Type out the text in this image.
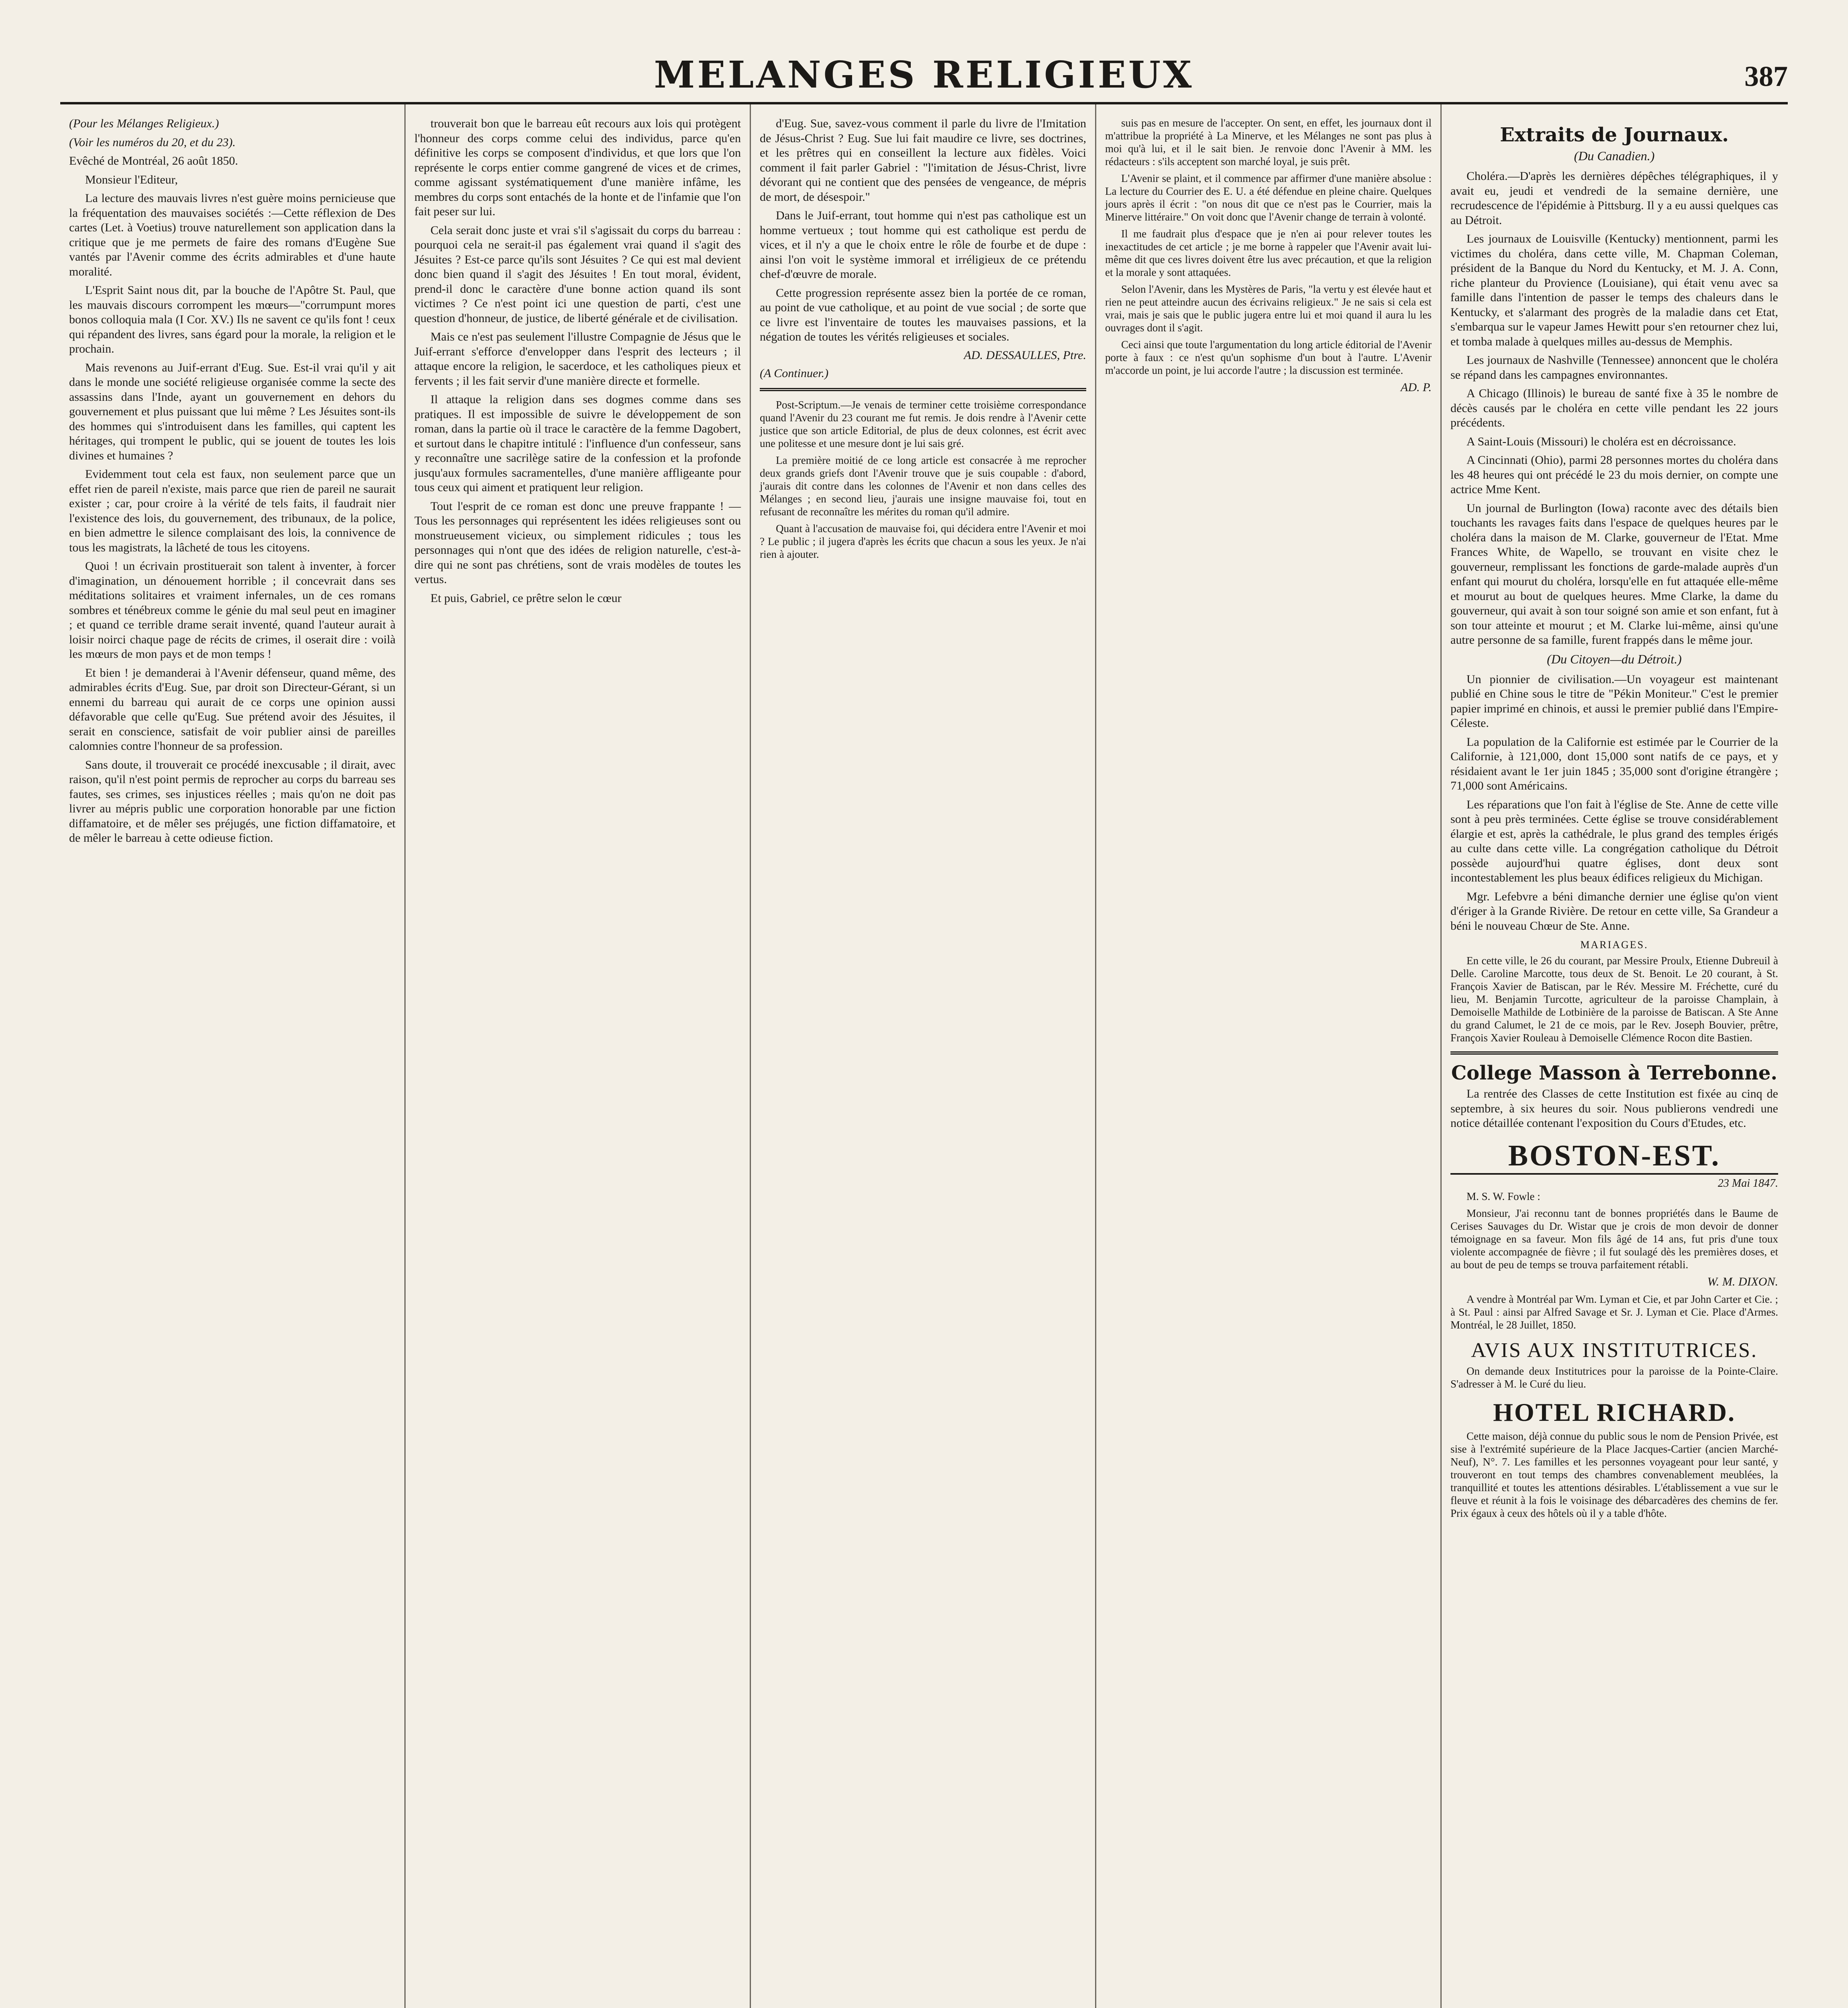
MELANGES RELIGIEUX	387

(Pour les Mélanges Religieux.)

(Voir les numéros du 20, et du 23).

Evêché de Montréal, 26 août 1850.

Monsieur l'Editeur,

La lecture des mauvais livres n'est guère moins pernicieuse que la fréquentation des mauvaises sociétés :—Cette réflexion de Des cartes (Let. à Voetius) trouve naturellement son application dans la critique que je me permets de faire des romans d'Eugène Sue vantés par l'Avenir comme des écrits admirables et d'une haute moralité.

L'Esprit Saint nous dit, par la bouche de l'Apôtre St. Paul, que les mauvais discours corrompent les mœurs—"corrumpunt mores bonos colloquia mala (I Cor. XV.) Ils ne savent ce qu'ils font ! ceux qui répandent des livres, sans égard pour la morale, la religion et le prochain.

Mais revenons au Juif-errant d'Eug. Sue. Est-il vrai qu'il y ait dans le monde une société religieuse organisée comme la secte des assassins dans l'Inde, ayant un gouvernement en dehors du gouvernement et plus puissant que lui même ? Les Jésuites sont-ils des hommes qui s'introduisent dans les familles, qui captent les héritages, qui trompent le public, qui se jouent de toutes les lois divines et humaines ?

Evidemment tout cela est faux, non seulement parce que un effet rien de pareil n'existe, mais parce que rien de pareil ne saurait exister ; car, pour croire à la vérité de tels faits, il faudrait nier l'existence des lois, du gouvernement, des tribunaux, de la police, en bien admettre le silence complaisant des lois, la connivence de tous les magistrats, la lâcheté de tous les citoyens.

Quoi ! un écrivain prostituerait son talent à inventer, à forcer d'imagination, un dénouement horrible ; il concevrait dans ses méditations solitaires et vraiment infernales, un de ces romans sombres et ténébreux comme le génie du mal seul peut en imaginer ; et quand ce terrible drame serait inventé, quand l'auteur aurait à loisir noirci chaque page de récits de crimes, il oserait dire : voilà les mœurs de mon pays et de mon temps !

Et bien ! je demanderai à l'Avenir défenseur, quand même, des admirables écrits d'Eug. Sue, par droit son Directeur-Gérant, si un ennemi du barreau qui aurait de ce corps une opinion aussi défavorable que celle qu'Eug. Sue prétend avoir des Jésuites, il serait en conscience, satisfait de voir publier ainsi de pareilles calomnies contre l'honneur de sa profession.

Sans doute, il trouverait ce procédé inexcusable ; il dirait, avec raison, qu'il n'est point permis de reprocher au corps du barreau ses fautes, ses crimes, ses injustices réelles ; mais qu'on ne doit pas livrer au mépris public une corporation honorable par une fiction diffamatoire, et de mêler ses préjugés, une fiction diffamatoire, et de mêler le barreau à cette odieuse fiction.

trouverait bon que le barreau eût recours aux lois qui protègent l'honneur des corps comme celui des individus, parce qu'en définitive les corps se composent d'individus, et que lors que l'on représente le corps entier comme gangrené de vices et de crimes, comme agissant systématiquement d'une manière infâme, les membres du corps sont entachés de la honte et de l'infamie que l'on fait peser sur lui.

Cela serait donc juste et vrai s'il s'agissait du corps du barreau : pourquoi cela ne serait-il pas également vrai quand il s'agit des Jésuites ? Est-ce parce qu'ils sont Jésuites ? Ce qui est mal devient donc bien quand il s'agit des Jésuites ! En tout moral, évident, prend-il donc le caractère d'une bonne action quand ils sont victimes ? Ce n'est point ici une question de parti, c'est une question d'honneur, de justice, de liberté générale et de civilisation.

Mais ce n'est pas seulement l'illustre Compagnie de Jésus que le Juif-errant s'efforce d'envelopper dans l'esprit des lecteurs ; il attaque encore la religion, le sacerdoce, et les catholiques pieux et fervents ; il les fait servir d'une manière directe et formelle.

Il attaque la religion dans ses dogmes comme dans ses pratiques. Il est impossible de suivre le développement de son roman, dans la partie où il trace le caractère de la femme Dagobert, et surtout dans le chapitre intitulé : l'influence d'un confesseur, sans y reconnaître une sacrilège satire de la confession et la profonde jusqu'aux formules sacramentelles, d'une manière affligeante pour tous ceux qui aiment et pratiquent leur religion.

Tout l'esprit de ce roman est donc une preuve frappante ! — Tous les personnages qui représentent les idées religieuses sont ou monstrueusement vicieux, ou simplement ridicules ; tous les personnages qui n'ont que des idées de religion naturelle, c'est-à-dire qui ne sont pas chrétiens, sont de vrais modèles de toutes les vertus.

Et puis, Gabriel, ce prêtre selon le cœur

d'Eug. Sue, savez-vous comment il parle du livre de l'Imitation de Jésus-Christ ? Eug. Sue lui fait maudire ce livre, ses doctrines, et les prêtres qui en conseillent la lecture aux fidèles. Voici comment il fait parler Gabriel : "l'imitation de Jésus-Christ, livre dévorant qui ne contient que des pensées de vengeance, de mépris de mort, de désespoir."

Dans le Juif-errant, tout homme qui n'est pas catholique est un homme vertueux ; tout homme qui est catholique est perdu de vices, et il n'y a que le choix entre le rôle de fourbe et de dupe : ainsi l'on voit le système immoral et irréligieux de ce prétendu chef-d'œuvre de morale.

Cette progression représente assez bien la portée de ce roman, au point de vue catholique, et au point de vue social ; de sorte que ce livre est l'inventaire de toutes les mauvaises passions, et la négation de toutes les vérités religieuses et sociales.

AD. DESSAULLES, Ptre.

(A Continuer.)

Post-Scriptum.—Je venais de terminer cette troisième correspondance quand l'Avenir du 23 courant me fut remis. Je dois rendre à l'Avenir cette justice que son article Editorial, de plus de deux colonnes, est écrit avec une politesse et une mesure dont je lui sais gré.

La première moitié de ce long article est consacrée à me reprocher deux grands griefs dont l'Avenir trouve que je suis coupable : d'abord, j'aurais dit contre dans les colonnes de l'Avenir et non dans celles des Mélanges ; en second lieu, j'aurais une insigne mauvaise foi, tout en refusant de reconnaître les mérites du roman qu'il admire.

Quant à l'accusation de mauvaise foi, qui décidera entre l'Avenir et moi ? Le public ; il jugera d'après les écrits que chacun a sous les yeux. Je n'ai rien à ajouter.

suis pas en mesure de l'accepter. On sent, en effet, les journaux dont il m'attribue la propriété à La Minerve, et les Mélanges ne sont pas plus à moi qu'à lui, et il le sait bien. Je renvoie donc l'Avenir à MM. les rédacteurs : s'ils acceptent son marché loyal, je suis prêt.

L'Avenir se plaint, et il commence par affirmer d'une manière absolue : La lecture du Courrier des E. U. a été défendue en pleine chaire. Quelques jours après il écrit : "on nous dit que ce n'est pas le Courrier, mais la Minerve littéraire." On voit donc que l'Avenir change de terrain à volonté.

Il me faudrait plus d'espace que je n'en ai pour relever toutes les inexactitudes de cet article ; je me borne à rappeler que l'Avenir avait lui-même dit que ces livres doivent être lus avec précaution, et que la religion et la morale y sont attaquées.

Selon l'Avenir, dans les Mystères de Paris, "la vertu y est élevée haut et rien ne peut atteindre aucun des écrivains religieux." Je ne sais si cela est vrai, mais je sais que le public jugera entre lui et moi quand il aura lu les ouvrages dont il s'agit.

Ceci ainsi que toute l'argumentation du long article éditorial de l'Avenir porte à faux : ce n'est qu'un sophisme d'un bout à l'autre. L'Avenir m'accorde un point, je lui accorde l'autre ; la discussion est terminée.

AD. P.
Extraits de Journaux.
(Du Canadien.)

Choléra.—D'après les dernières dépêches télégraphiques, il y avait eu, jeudi et vendredi de la semaine dernière, une recrudescence de l'épidémie à Pittsburg. Il y a eu aussi quelques cas au Détroit.

Les journaux de Louisville (Kentucky) mentionnent, parmi les victimes du choléra, dans cette ville, M. Chapman Coleman, président de la Banque du Nord du Kentucky, et M. J. A. Conn, riche planteur du Provience (Louisiane), qui était venu avec sa famille dans l'intention de passer le temps des chaleurs dans le Kentucky, et s'alarmant des progrès de la maladie dans cet Etat, s'embarqua sur le vapeur James Hewitt pour s'en retourner chez lui, et tomba malade à quelques milles au-dessus de Memphis.

Les journaux de Nashville (Tennessee) annoncent que le choléra se répand dans les campagnes environnantes.

A Chicago (Illinois) le bureau de santé fixe à 35 le nombre de décès causés par le choléra en cette ville pendant les 22 jours précédents.

A Saint-Louis (Missouri) le choléra est en décroissance.

A Cincinnati (Ohio), parmi 28 personnes mortes du choléra dans les 48 heures qui ont précédé le 23 du mois dernier, on compte une actrice Mme Kent.

Un journal de Burlington (Iowa) raconte avec des détails bien touchants les ravages faits dans l'espace de quelques heures par le choléra dans la maison de M. Clarke, gouverneur de l'Etat. Mme Frances White, de Wapello, se trouvant en visite chez le gouverneur, remplissant les fonctions de garde-malade auprès d'un enfant qui mourut du choléra, lorsqu'elle en fut attaquée elle-même et mourut au bout de quelques heures. Mme Clarke, la dame du gouverneur, qui avait à son tour soigné son amie et son enfant, fut à son tour atteinte et mourut ; et M. Clarke lui-même, ainsi qu'une autre personne de sa famille, furent frappés dans le même jour.

(Du Citoyen—du Détroit.)

Un pionnier de civilisation.—Un voyageur est maintenant publié en Chine sous le titre de "Pékin Moniteur." C'est le premier papier imprimé en chinois, et aussi le premier publié dans l'Empire-Céleste.

La population de la Californie est estimée par le Courrier de la Californie, à 121,000, dont 15,000 sont natifs de ce pays, et y résidaient avant le 1er juin 1845 ; 35,000 sont d'origine étrangère ; 71,000 sont Américains.

Les réparations que l'on fait à l'église de Ste. Anne de cette ville sont à peu près terminées. Cette église se trouve considérablement élargie et est, après la cathédrale, le plus grand des temples érigés au culte dans cette ville. La congrégation catholique du Détroit possède aujourd'hui quatre églises, dont deux sont incontestablement les plus beaux édifices religieux du Michigan.

Mgr. Lefebvre a béni dimanche dernier une église qu'on vient d'ériger à la Grande Rivière. De retour en cette ville, Sa Grandeur a béni le nouveau Chœur de Ste. Anne.

MARIAGES.

En cette ville, le 26 du courant, par Messire Proulx, Etienne Dubreuil à Delle. Caroline Marcotte, tous deux de St. Benoit. Le 20 courant, à St. François Xavier de Batiscan, par le Rév. Messire M. Fréchette, curé du lieu, M. Benjamin Turcotte, agriculteur de la paroisse Champlain, à Demoiselle Mathilde de Lotbinière de la paroisse de Batiscan. A Ste Anne du grand Calumet, le 21 de ce mois, par le Rev. Joseph Bouvier, prêtre, François Xavier Rouleau à Demoiselle Clémence Rocon dite Bastien.

College Masson à Terrebonne.

La rentrée des Classes de cette Institution est fixée au cinq de septembre, à six heures du soir. Nous publierons vendredi une notice détaillée contenant l'exposition du Cours d'Etudes, etc.

BOSTON-EST.
23 Mai 1847.

M. S. W. Fowle :

Monsieur, J'ai reconnu tant de bonnes propriétés dans le Baume de Cerises Sauvages du Dr. Wistar que je crois de mon devoir de donner témoignage en sa faveur. Mon fils âgé de 14 ans, fut pris d'une toux violente accompagnée de fièvre ; il fut soulagé dès les premières doses, et au bout de peu de temps se trouva parfaitement rétabli.

W. M. DIXON.

A vendre à Montréal par Wm. Lyman et Cie, et par John Carter et Cie. ; à St. Paul : ainsi par Alfred Savage et Sr. J. Lyman et Cie. Place d'Armes. Montréal, le 28 Juillet, 1850.

AVIS AUX INSTITUTRICES.

On demande deux Institutrices pour la paroisse de la Pointe-Claire. S'adresser à M. le Curé du lieu.

HOTEL RICHARD.

Cette maison, déjà connue du public sous le nom de Pension Privée, est sise à l'extrémité supérieure de la Place Jacques-Cartier (ancien Marché-Neuf), N°. 7. Les familles et les personnes voyageant pour leur santé, y trouveront en tout temps des chambres convenablement meublées, la tranquillité et toutes les attentions désirables. L'établissement a vue sur le fleuve et réunit à la fois le voisinage des débarcadères des chemins de fer. Prix égaux à ceux des hôtels où il y a table d'hôte.
